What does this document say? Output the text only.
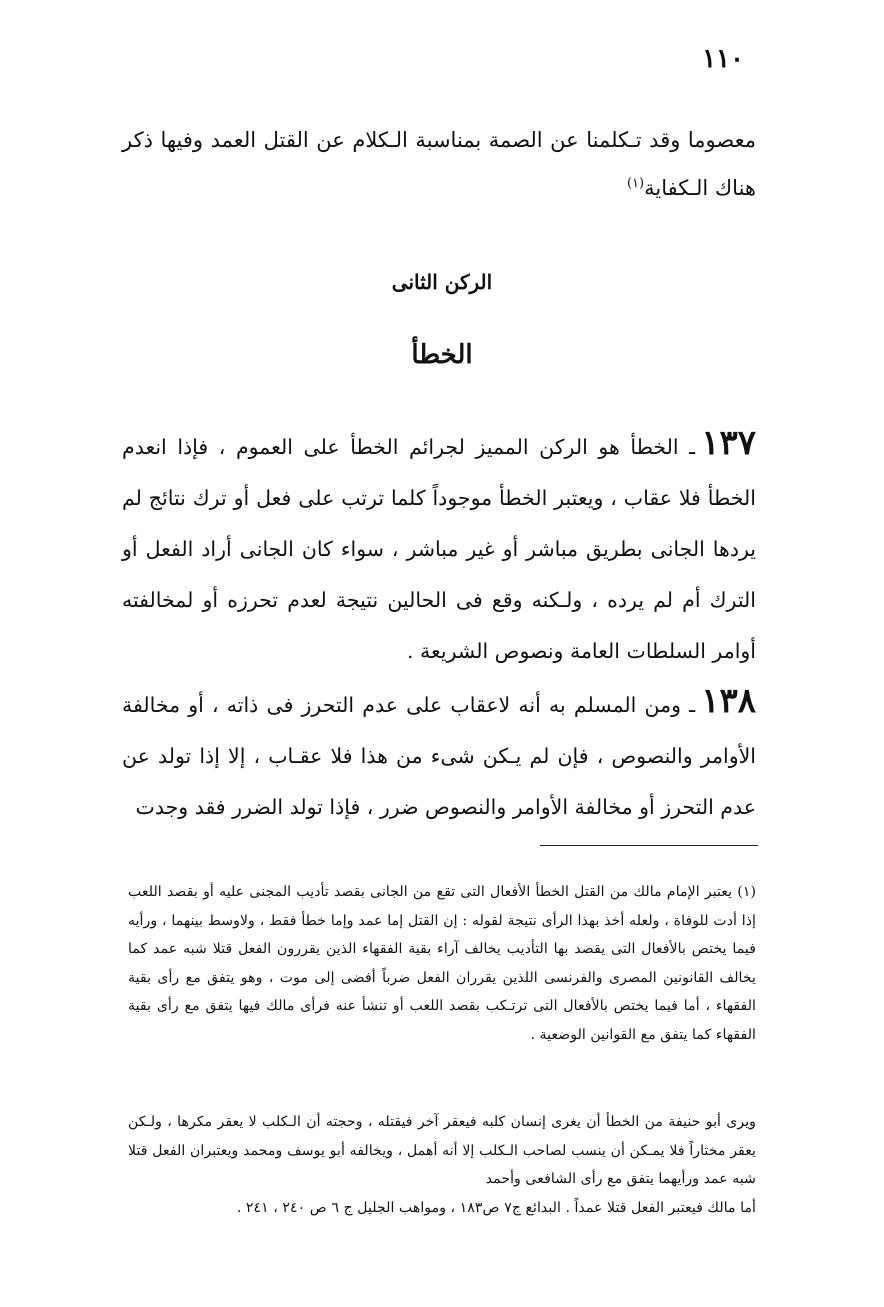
١١٠
معصوما وقد تـكلمنا عن الصمة بمناسبة الـكلام عن القتل العمد وفيها ذكر هناك الـكفاية$^{(١)}$
الركن الثانى
الخطأ
١٣٧ـ الخطأ هو الركن المميز لجرائم الخطأ على العموم ، فإذا انعدم الخطأ فلا عقاب ، ويعتبر الخطأ موجوداً كلما ترتب على فعل أو ترك نتائج لم يردها الجانى بطريق مباشر أو غير مباشر ، سواء كان الجانى أراد الفعل أو الترك أم لم يرده ، ولـكنه وقع فى الحالين نتيجة لعدم تحرزه أو لمخالفته أوامر السلطات العامة ونصوص الشريعة .
١٣٨ـ ومن المسلم به أنه لاعقاب على عدم التحرز فى ذاته ، أو مخالفة الأوامر والنصوص ، فإن لم يـكن شىء من هذا فلا عقـاب ، إلا إذا تولد عن عدم التحرز أو مخالفة الأوامر والنصوص ضرر ، فإذا تولد الضرر فقد وجدت
(١) يعتبر الإمام مالك من القتل الخطأ الأفعال التى تقع من الجانى بقصد تأديب المجنى عليه أو بقصد اللعب إذا أدت للوفاة ، ولعله أخذ بهذا الرأى نتيجة لقوله : إن القتل إما عمد وإما خطأ فقط ، ولاوسط بينهما ، ورأيه فيما يختص بالأفعال التى يقصد بها التأديب يخالف آراء بقية الفقهاء الذين يقررون الفعل قتلا شبه عمد كما يخالف القانونين المصرى والفرنسى اللذين يقرران الفعل ضرباً أفضى إلى موت ، وهو يتفق مع رأى بقية الفقهاء ، أما فيما يختص بالأفعال التى ترتـكب بقصد اللعب أو تنشأ عنه فرأى مالك فيها يتفق مع رأى بقية الفقهاء كما يتفق مع القوانين الوضعية .
ويرى أبو حنيفة من الخطأ أن يغرى إنسان كلبه فيعقر آخر فيقتله ، وحجته أن الـكلب لا يعقر مكرها ، ولـكن يعقر مختاراً فلا يمـكن أن ينسب لصاحب الـكلب إلا أنه أهمل ، ويخالفه أبو يوسف ومحمد ويعتبران الفعل قتلا شبه عمد ورأيهما يتفق مع رأى الشافعى وأحمد
أما مالك فيعتبر الفعل قتلا عمداً . البدائع ج٧ ص١٨٣ ، ومواهب الجليل ج ٦ ص ٢٤٠ ، ٢٤١ .
